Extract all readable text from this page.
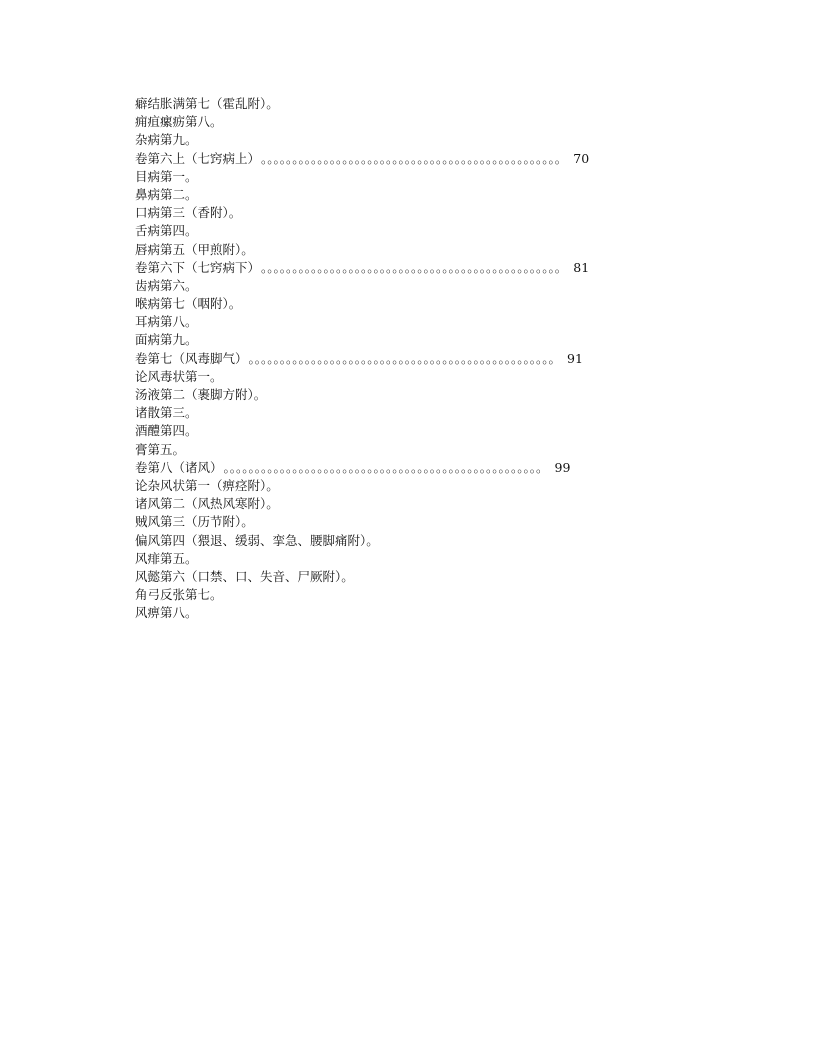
癖结胀满第七（霍乱附）。
痈疽瘰疬第八。
杂病第九。
卷第六上（七窍病上）。。。。。。。。。。。。。。。。。。。。。。。。。。。。。。。。。。。。。。。。。。。。。。。。 70
目病第一。
鼻病第二。
口病第三（香附）。
舌病第四。
唇病第五（甲煎附）。
卷第六下（七窍病下）。。。。。。。。。。。。。。。。。。。。。。。。。。。。。。。。。。。。。。。。。。。。。。。。 81
齿病第六。
喉病第七（咽附）。
耳病第八。
面病第九。
卷第七（风毒脚气）。。。。。。。。。。。。。。。。。。。。。。。。。。。。。。。。。。。。。。。。。。。。。。。。。 91
论风毒状第一。
汤液第二（裹脚方附）。
诸散第三。
酒醴第四。
膏第五。
卷第八（诸风）。。。。。。。。。。。。。。。。。。。。。。。。。。。。。。。。。。。。。。。。。。。。。。。。。。。 99
论杂风状第一（痹痉附）。
诸风第二（风热风寒附）。
贼风第三（历节附）。
偏风第四（猥退、缓弱、挛急、腰脚痛附）。
风痱第五。
风懿第六（口禁、口、失音、尸厥附）。
角弓反张第七。
风痹第八。
